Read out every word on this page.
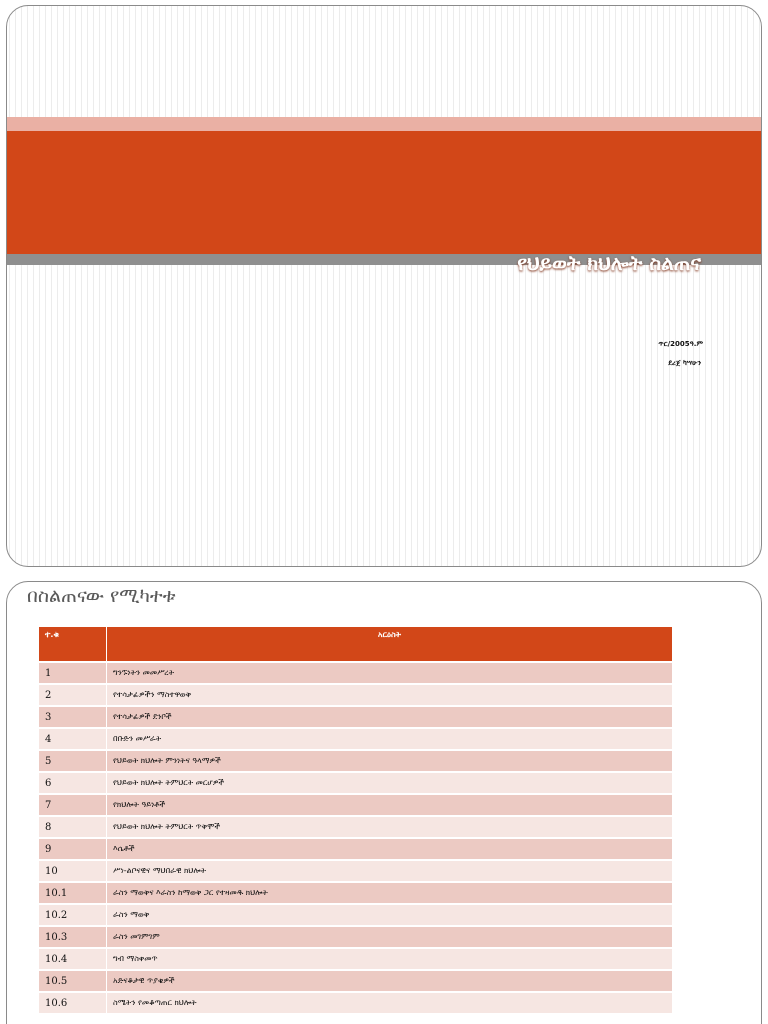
የህይወት ክህሎት ስልጠና
ጥር/2005ዓ.ም
ደረጀ ካሣሁን
በስልጠናው የሚካተቱ
ተ.ቁ	አርዕስት
1	ግንኙነትን መመሥረት
2	የተሳታፊዎችን ማስተዋወቅ
3	የተሳታፊዎች ደንቦች
4	በቡድን መሥራት
5	የህይወት ክህሎት ምንነትና ዓላማዎች
6	የህይወት ክህሎት ትምህርት መርሆዎች
7	የክህሎት ዓይነቶች
8	የህይወት ክህሎት ትምህርት ጥቅሞች
9	እሴቶች
10	ሥነ-ልቦናዊና ማህበራዊ ክህሎት
10.1	ራስን ማወቅና እራስን ከማወቅ ጋር የተዛመዱ ክህሎት
10.2	ራስን ማወቅ
10.3	ራስን መገምገም
10.4	ግብ ማስቀመጥ
10.5	አድናቆታዊ ጥያቄዎች
10.6	ስሜትን የመቆጣጠር ክህሎት
